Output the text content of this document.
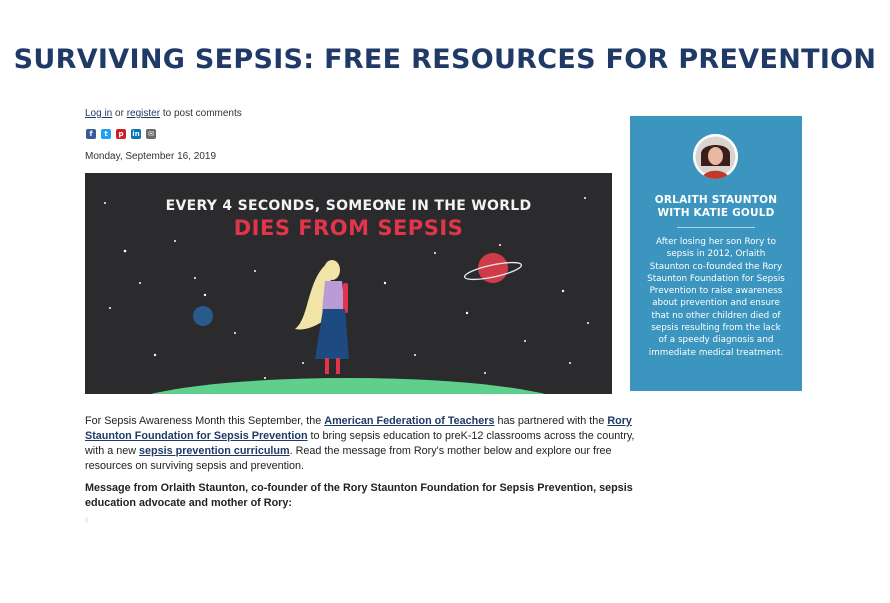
SURVIVING SEPSIS: FREE RESOURCES FOR PREVENTION
Log in or register to post comments
f t p in ✉
Monday, September 16, 2019
EVERY 4 SECONDS, SOMEONE IN THE WORLD
DIES FROM SEPSIS
ORLAITH STAUNTON
WITH KATIE GOULD
After losing her son Rory to sepsis in 2012, Orlaith Staunton co-founded the Rory Staunton Foundation for Sepsis Prevention to raise awareness about prevention and ensure that no other children died of sepsis resulting from the lack of a speedy diagnosis and immediate medical treatment.

For Sepsis Awareness Month this September, the American Federation of Teachers has partnered with the Rory Staunton Foundation for Sepsis Prevention to bring sepsis education to preK-12 classrooms across the country, with a new sepsis prevention curriculum. Read the message from Rory's mother below and explore our free resources on surviving sepsis and prevention.

Message from Orlaith Staunton, co-founder of the Rory Staunton Foundation for Sepsis Prevention, sepsis education advocate and mother of Rory:
